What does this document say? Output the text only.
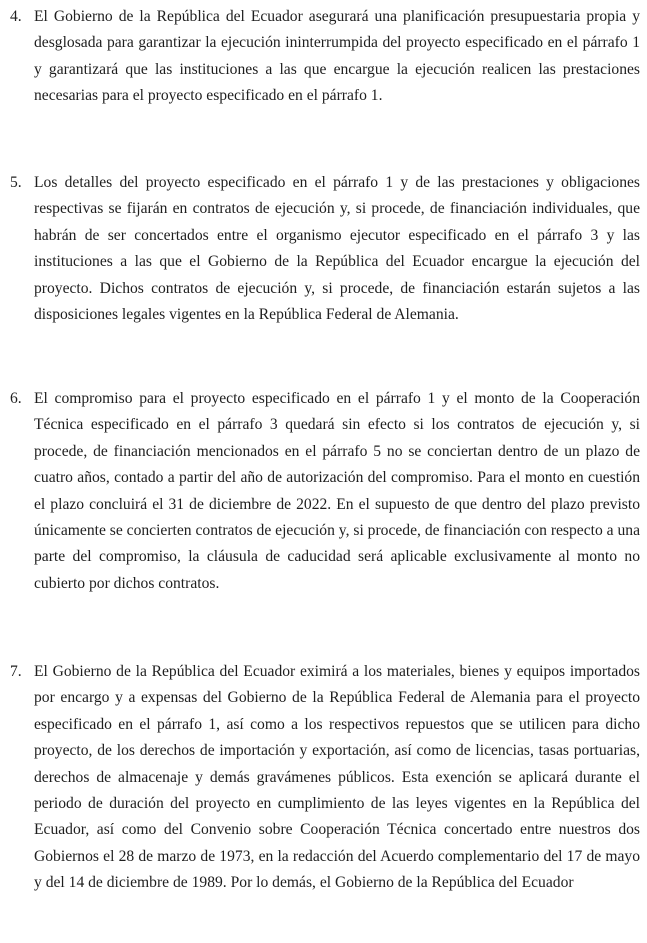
4. El Gobierno de la República del Ecuador asegurará una planificación presupuestaria propia y desglosada para garantizar la ejecución ininterrumpida del proyecto especificado en el párrafo 1 y garantizará que las instituciones a las que encargue la ejecución realicen las prestaciones necesarias para el proyecto especificado en el párrafo 1.
5. Los detalles del proyecto especificado en el párrafo 1 y de las prestaciones y obligaciones respectivas se fijarán en contratos de ejecución y, si procede, de financiación individuales, que habrán de ser concertados entre el organismo ejecutor especificado en el párrafo 3 y las instituciones a las que el Gobierno de la República del Ecuador encargue la ejecución del proyecto. Dichos contratos de ejecución y, si procede, de financiación estarán sujetos a las disposiciones legales vigentes en la República Federal de Alemania.
6. El compromiso para el proyecto especificado en el párrafo 1 y el monto de la Cooperación Técnica especificado en el párrafo 3 quedará sin efecto si los contratos de ejecución y, si procede, de financiación mencionados en el párrafo 5 no se conciertan dentro de un plazo de cuatro años, contado a partir del año de autorización del compromiso. Para el monto en cuestión el plazo concluirá el 31 de diciembre de 2022. En el supuesto de que dentro del plazo previsto únicamente se concierten contratos de ejecución y, si procede, de financiación con respecto a una parte del compromiso, la cláusula de caducidad será aplicable exclusivamente al monto no cubierto por dichos contratos.
7. El Gobierno de la República del Ecuador eximirá a los materiales, bienes y equipos importados por encargo y a expensas del Gobierno de la República Federal de Alemania para el proyecto especificado en el párrafo 1, así como a los respectivos repuestos que se utilicen para dicho proyecto, de los derechos de importación y exportación, así como de licencias, tasas portuarias, derechos de almacenaje y demás gravámenes públicos. Esta exención se aplicará durante el periodo de duración del proyecto en cumplimiento de las leyes vigentes en la República del Ecuador, así como del Convenio sobre Cooperación Técnica concertado entre nuestros dos Gobiernos el 28 de marzo de 1973, en la redacción del Acuerdo complementario del 17 de mayo y del 14 de diciembre de 1989. Por lo demás, el Gobierno de la República del Ecuador
